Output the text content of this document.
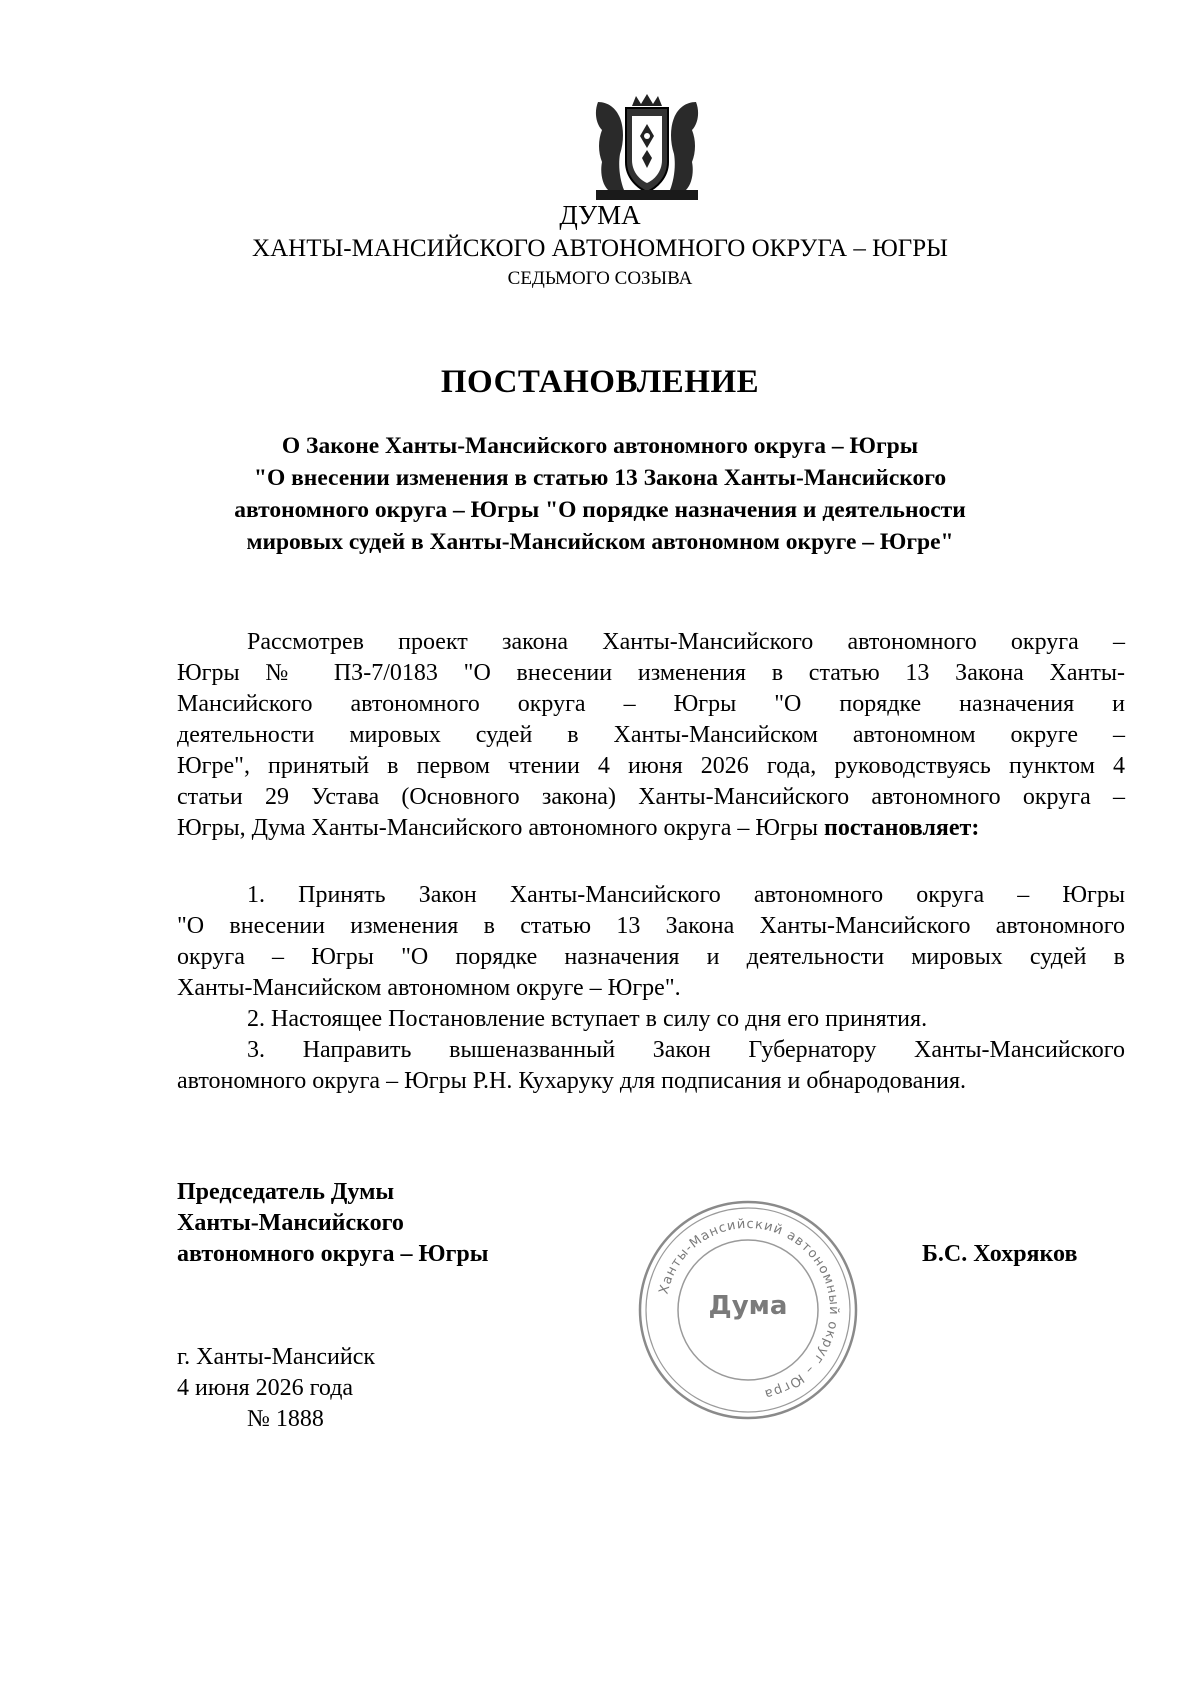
ДУМА
ХАНТЫ-МАНСИЙСКОГО АВТОНОМНОГО ОКРУГА – ЮГРЫ
СЕДЬМОГО СОЗЫВА
ПОСТАНОВЛЕНИЕ
О Законе Ханты-Мансийского автономного округа – Югры
"О внесении изменения в статью 13 Закона Ханты-Мансийского
автономного округа – Югры "О порядке назначения и деятельности
мировых судей в Ханты-Мансийском автономном округе – Югре"
Рассмотрев проект закона Ханты-Мансийского автономного округа –
Югры № ПЗ-7/0183 "О внесении изменения в статью 13 Закона Ханты-
Мансийского автономного округа – Югры "О порядке назначения и
деятельности мировых судей в Ханты-Мансийском автономном округе –
Югре", принятый в первом чтении 4 июня 2026 года, руководствуясь пунктом 4
статьи 29 Устава (Основного закона) Ханты-Мансийского автономного округа –
Югры, Дума Ханты-Мансийского автономного округа – Югры постановляет:
1. Принять Закон Ханты-Мансийского автономного округа – Югры
"О внесении изменения в статью 13 Закона Ханты-Мансийского автономного
округа – Югры "О порядке назначения и деятельности мировых судей в
Ханты-Мансийском автономном округе – Югре".
2. Настоящее Постановление вступает в силу со дня его принятия.
3. Направить вышеназванный Закон Губернатору Ханты-Мансийского
автономного округа – Югры Р.Н. Кухаруку для подписания и обнародования.
Председатель Думы
Ханты-Мансийского
автономного округа – Югры	Б.С. Хохряков
Ханты-Мансийский автономный округ – Югра
Дума
г. Ханты-Мансийск
4 июня 2026 года
№ 1888
